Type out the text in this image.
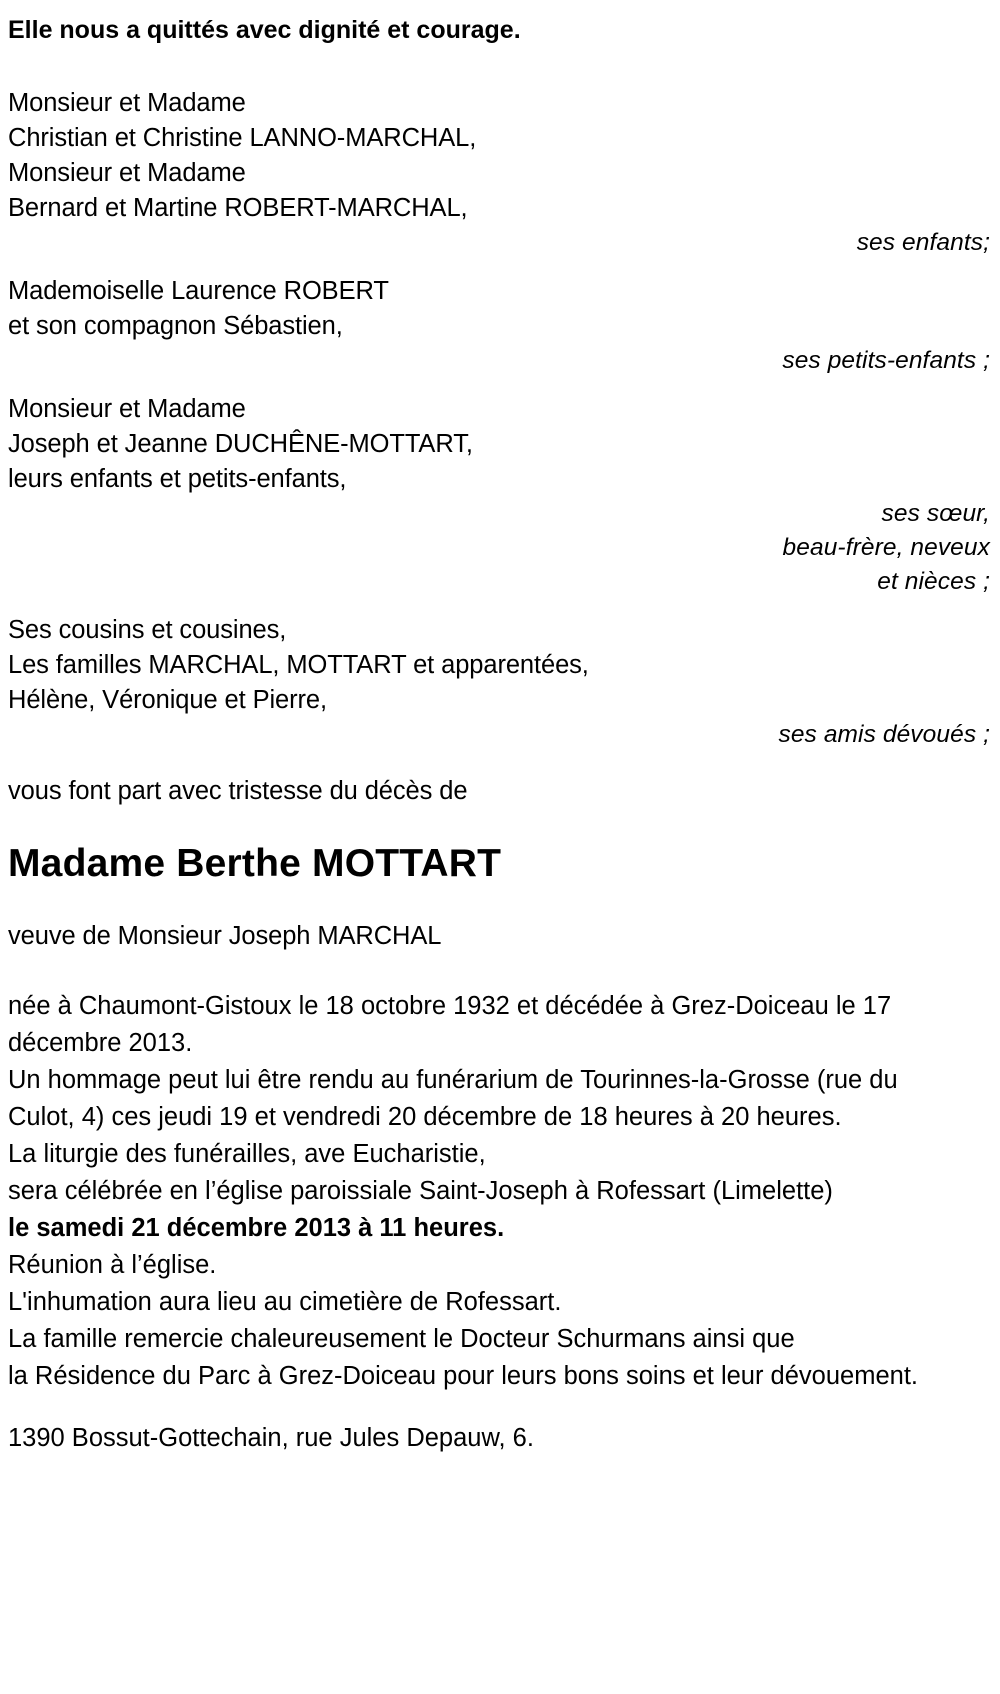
Elle nous a quittés avec dignité et courage.
Monsieur et Madame
Christian et Christine LANNO-MARCHAL,
Monsieur et Madame
Bernard et Martine ROBERT-MARCHAL,
ses enfants;
Mademoiselle Laurence ROBERT
et son compagnon Sébastien,
ses petits-enfants ;
Monsieur et Madame
Joseph et Jeanne DUCHÊNE-MOTTART,
leurs enfants et petits-enfants,
ses sœur,
beau-frère, neveux
et nièces ;
Ses cousins et cousines,
Les familles MARCHAL, MOTTART et apparentées,
Hélène, Véronique et Pierre,
ses amis dévoués ;
vous font part avec tristesse du décès de
Madame Berthe MOTTART
veuve de Monsieur Joseph MARCHAL
née à Chaumont-Gistoux le 18 octobre 1932 et décédée à Grez-Doiceau le 17 décembre 2013.
Un hommage peut lui être rendu au funérarium de Tourinnes-la-Grosse (rue du Culot, 4) ces jeudi 19 et vendredi 20 décembre de 18 heures à 20 heures.
La liturgie des funérailles, ave Eucharistie,
sera célébrée en l’église paroissiale Saint-Joseph à Rofessart (Limelette)
le samedi 21 décembre 2013 à 11 heures.
Réunion à l’église.
L'inhumation aura lieu au cimetière de Rofessart.
La famille remercie chaleureusement le Docteur Schurmans ainsi que
la Résidence du Parc à Grez-Doiceau pour leurs bons soins et leur dévouement.
1390 Bossut-Gottechain, rue Jules Depauw, 6.
